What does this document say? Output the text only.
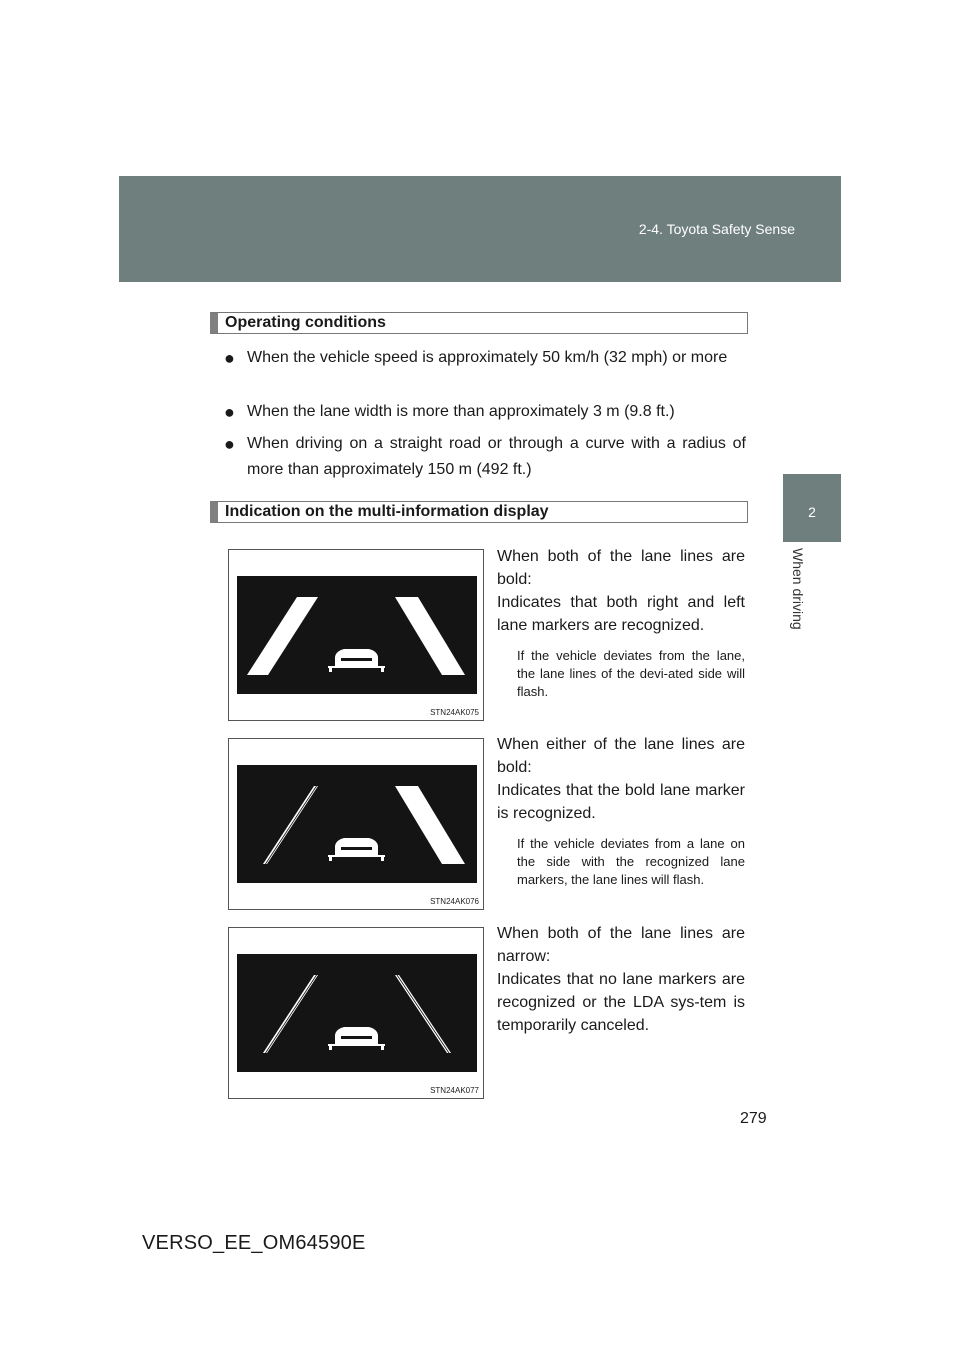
2-4. Toyota Safety Sense
2
When driving
Operating conditions
● When the vehicle speed is approximately 50 km/h (32 mph) or more
● When the lane width is more than approximately 3 m (9.8 ft.)
● When driving on a straight road or through a curve with a radius of more than approximately 150 m (492 ft.)
Indication on the multi-information display
STN24AK075

When both of the lane lines are bold:

Indicates that both right and left lane markers are recognized.

If the vehicle deviates from the lane, the lane lines of the devi-ated side will flash.

STN24AK076

When either of the lane lines are bold:

Indicates that the bold lane marker is recognized.

If the vehicle deviates from a lane on the side with the recognized lane markers, the lane lines will flash.

STN24AK077

When both of the lane lines are narrow:

Indicates that no lane markers are recognized or the LDA sys-tem is temporarily canceled.

279
VERSO_EE_OM64590E
